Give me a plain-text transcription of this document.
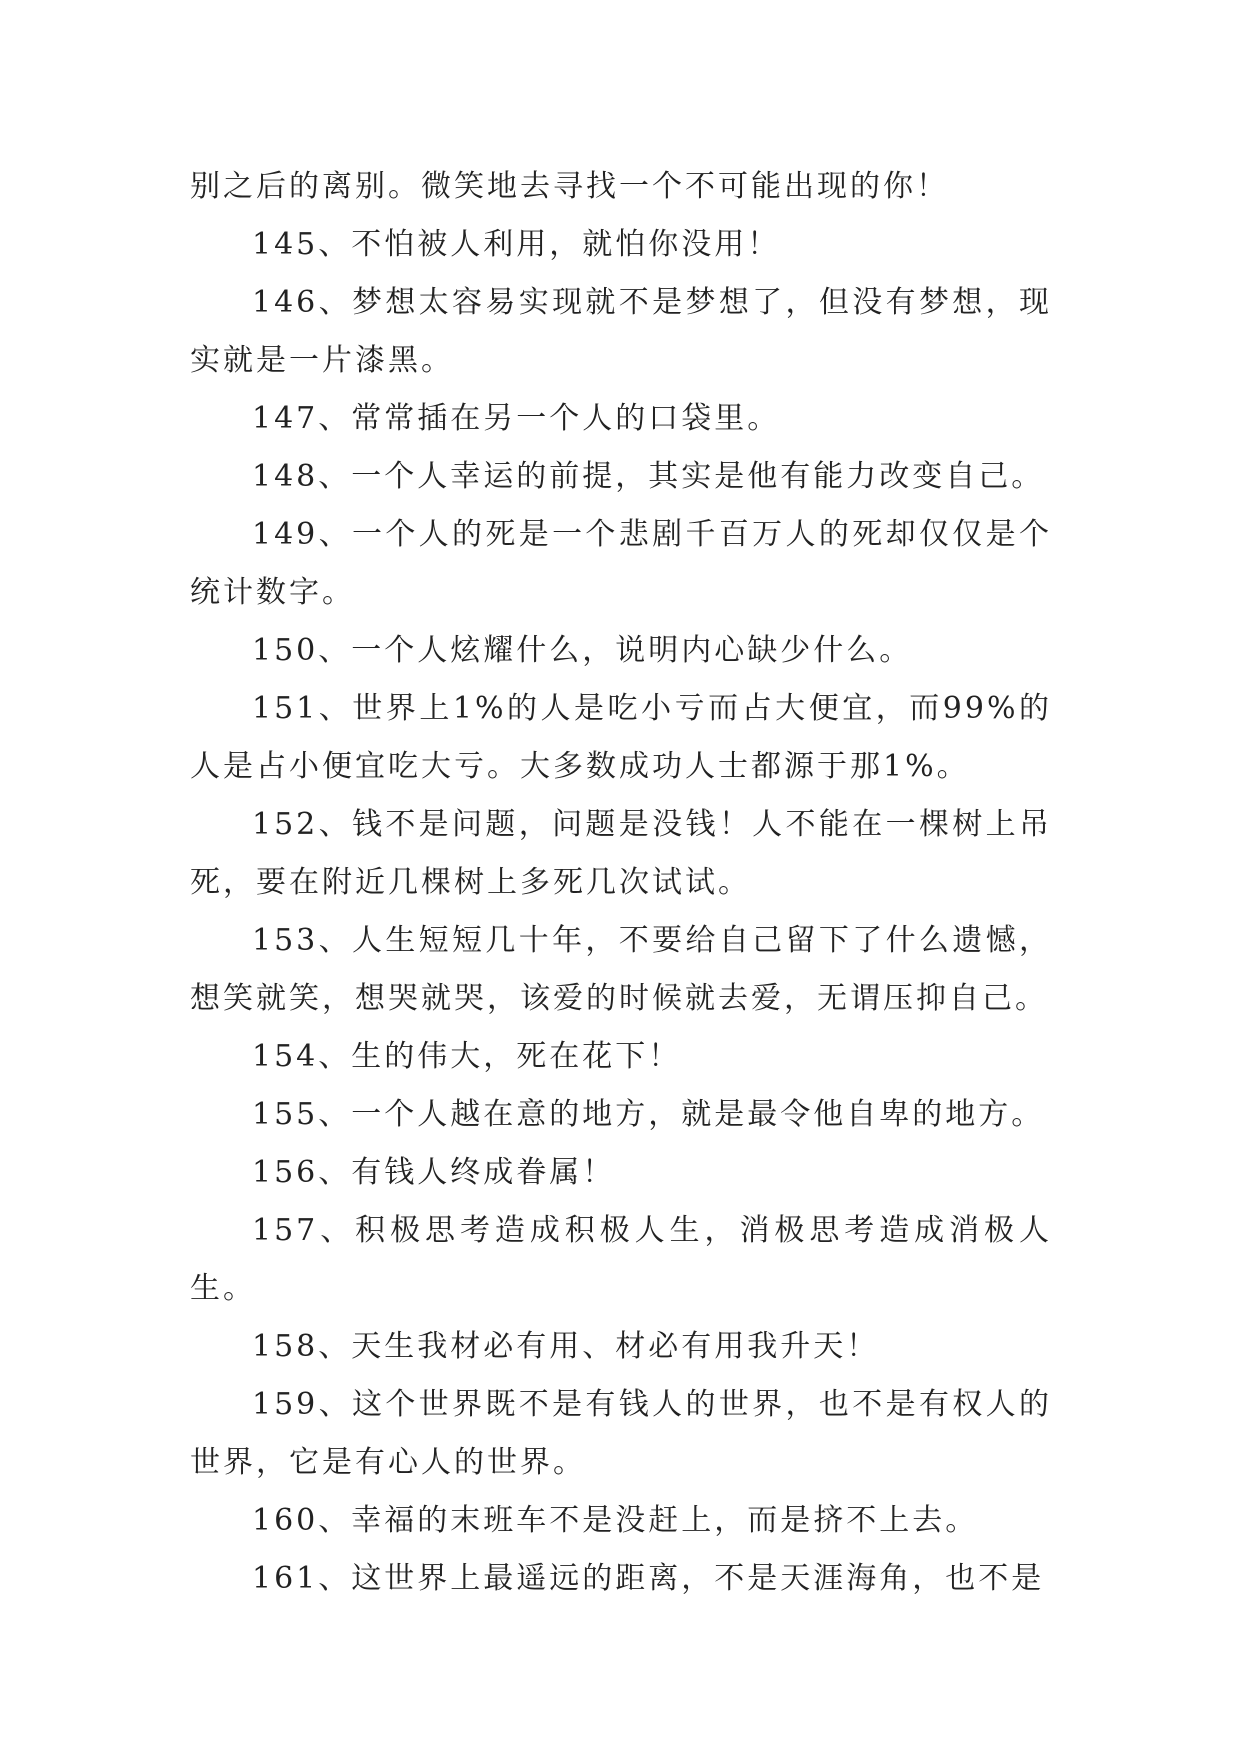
别之后的离别。微笑地去寻找一个不可能出现的你！

145、不怕被人利用，就怕你没用！

146、梦想太容易实现就不是梦想了，但没有梦想，现实就是一片漆黑。

147、常常插在另一个人的口袋里。

148、一个人幸运的前提，其实是他有能力改变自己。

149、一个人的死是一个悲剧千百万人的死却仅仅是个统计数字。

150、一个人炫耀什么，说明内心缺少什么。

151、世界上1%的人是吃小亏而占大便宜，而99%的人是占小便宜吃大亏。大多数成功人士都源于那1%。

152、钱不是问题，问题是没钱！人不能在一棵树上吊死，要在附近几棵树上多死几次试试。

153、人生短短几十年，不要给自己留下了什么遗憾，想笑就笑，想哭就哭，该爱的时候就去爱，无谓压抑自己。

154、生的伟大，死在花下！

155、一个人越在意的地方，就是最令他自卑的地方。

156、有钱人终成眷属！

157、积极思考造成积极人生，消极思考造成消极人生。

158、天生我材必有用、材必有用我升天！

159、这个世界既不是有钱人的世界，也不是有权人的世界，它是有心人的世界。

160、幸福的末班车不是没赶上，而是挤不上去。

161、这世界上最遥远的距离，不是天涯海角，也不是
